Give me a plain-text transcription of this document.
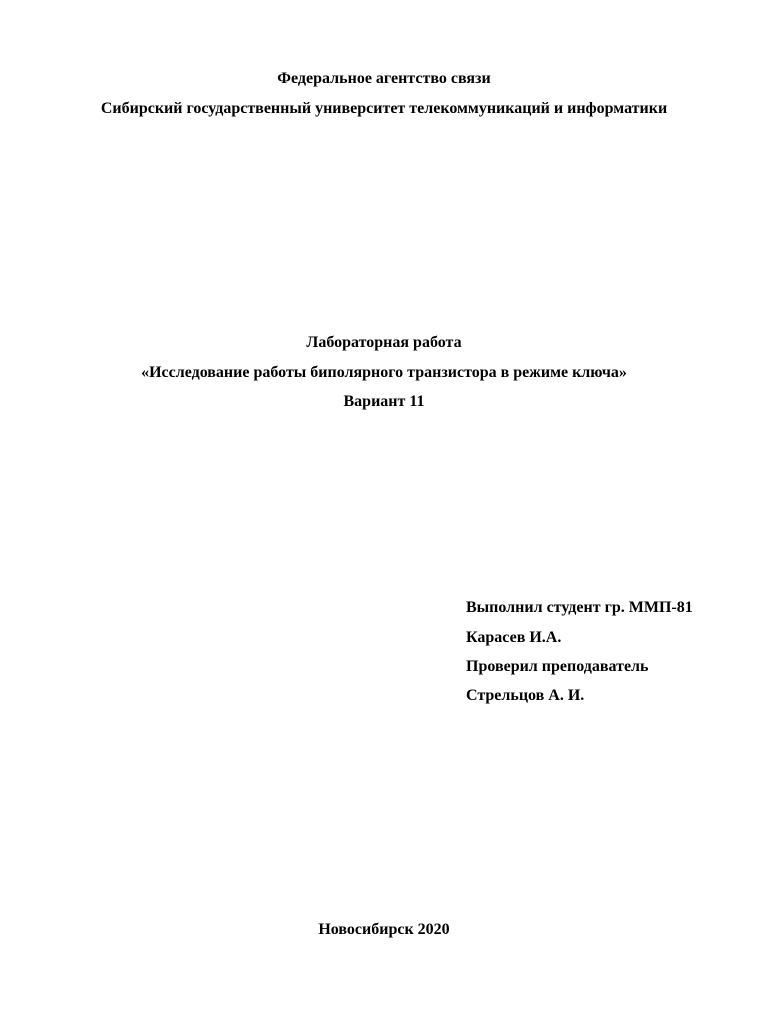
Федеральное агентство связи
Сибирский государственный университет телекоммуникаций и информатики
Лабораторная работа
«Исследование работы биполярного транзистора в режиме ключа»
Вариант 11
Выполнил студент гр. ММП-81
Карасев И.А.
Проверил преподаватель
Стрельцов А. И.
Новосибирск 2020
